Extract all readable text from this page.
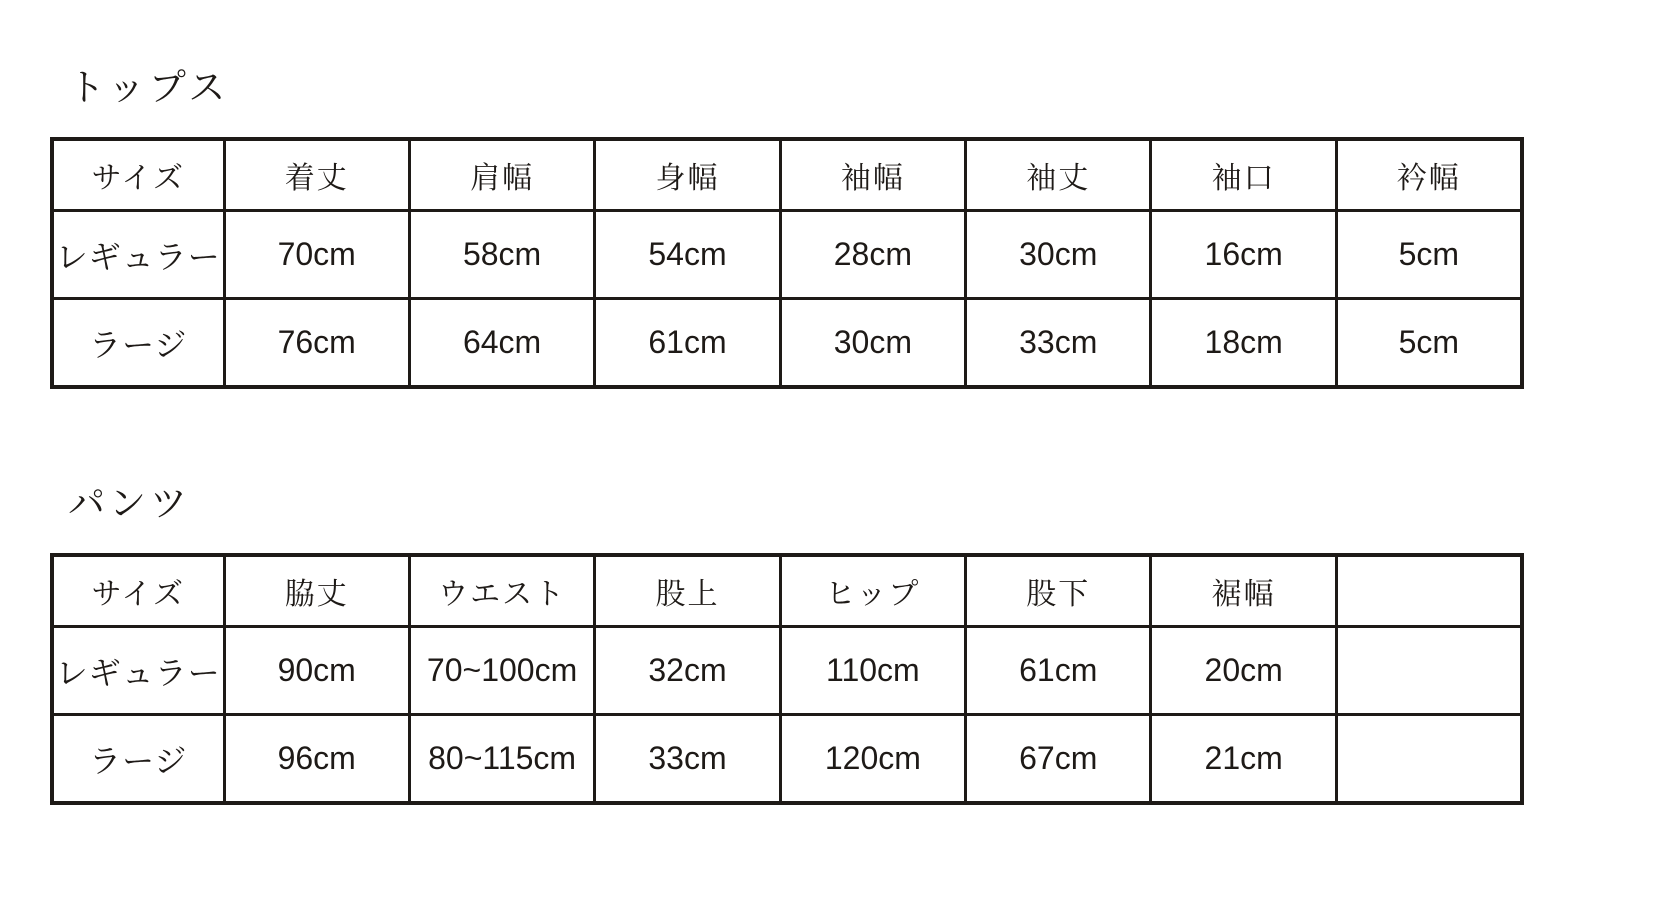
トップス
サイズ	着丈	肩幅	身幅	袖幅	袖丈	袖口	衿幅
レギュラー	70cm	58cm	54cm	28cm	30cm	16cm	5cm
ラージ	76cm	64cm	61cm	30cm	33cm	18cm	5cm
パンツ
サイズ	脇丈	ウエスト	股上	ヒップ	股下	裾幅	
レギュラー	90cm	70~100cm	32cm	110cm	61cm	20cm	
ラージ	96cm	80~115cm	33cm	120cm	67cm	21cm	
